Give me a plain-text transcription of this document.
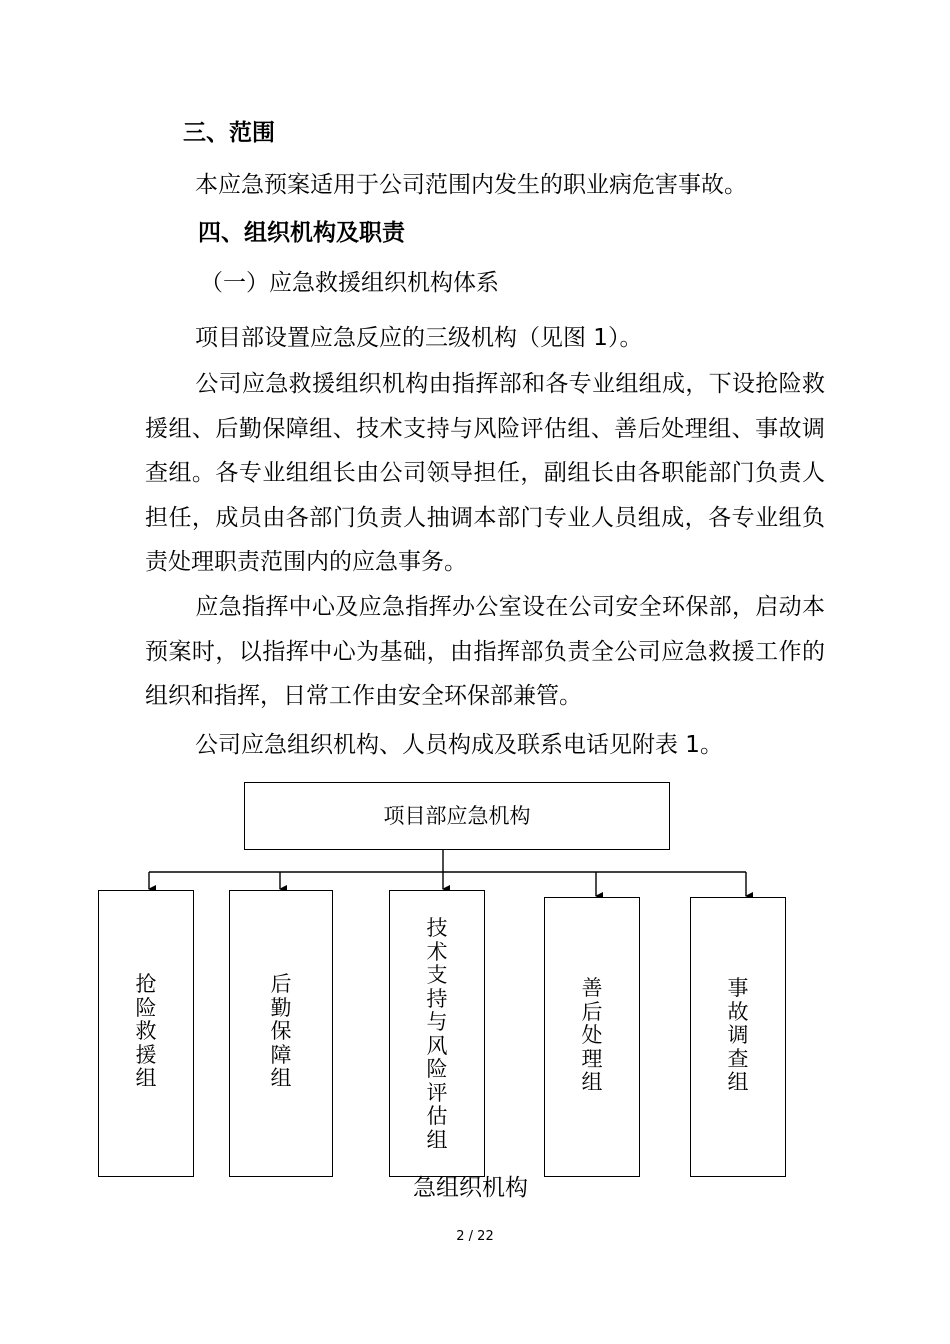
三、范围
本应急预案适用于公司范围内发生的职业病危害事故。
四、组织机构及职责
（一）应急救援组织机构体系
项目部设置应急反应的三级机构（见图 1）。
公司应急救援组织机构由指挥部和各专业组组成，下设抢险救援组、后勤保障组、技术支持与风险评估组、善后处理组、事故调查组。各专业组组长由公司领导担任，副组长由各职能部门负责人担任，成员由各部门负责人抽调本部门专业人员组成，各专业组负责处理职责范围内的应急事务。
应急指挥中心及应急指挥办公室设在公司安全环保部，启动本预案时，以指挥中心为基础，由指挥部负责全公司应急救援工作的组织和指挥，日常工作由安全环保部兼管。
公司应急组织机构、人员构成及联系电话见附表 1。
项目部应急机构
抢
险
救
援
组
后
勤
保
障
组
技
术
支
持
与
风
险
评
估
组
善
后
处
理
组
事
故
调
查
组
急组织机构
2 / 22
